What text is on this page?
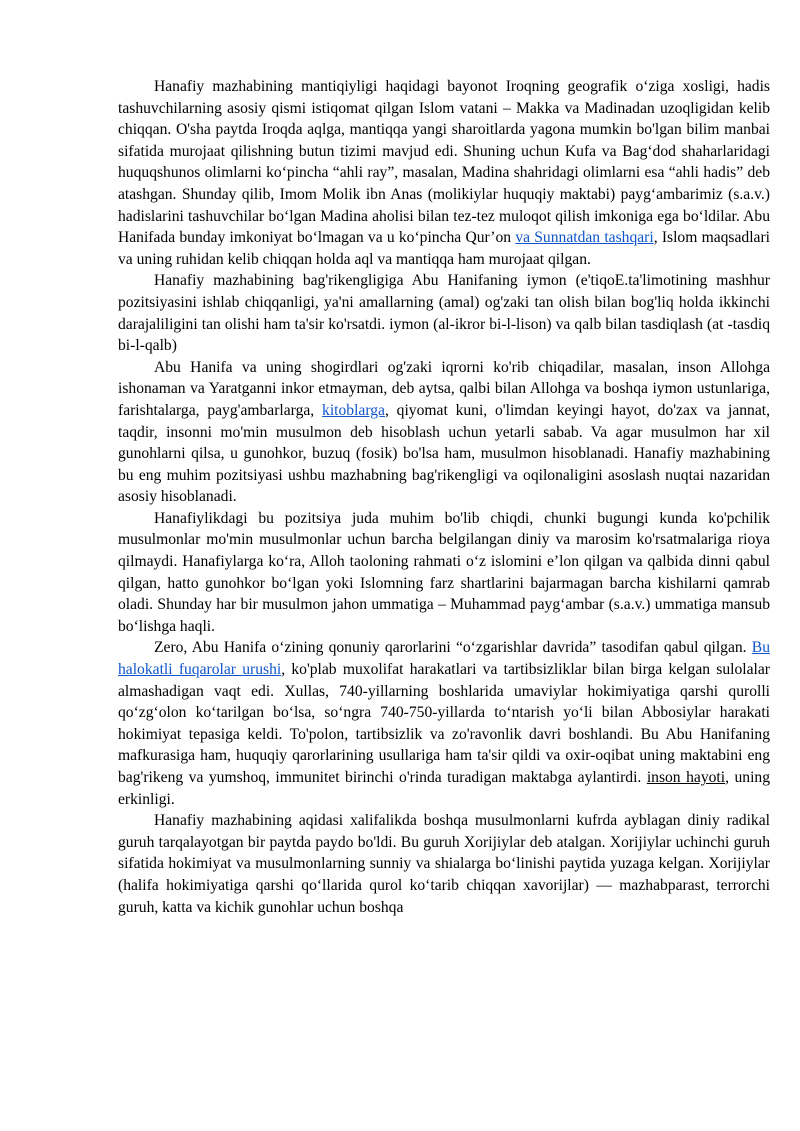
Hanafiy mazhabining mantiqiyligi haqidagi bayonot Iroqning geografik o‘ziga xosligi, hadis tashuvchilarning asosiy qismi istiqomat qilgan Islom vatani – Makka va Madinadan uzoqligidan kelib chiqqan. O'sha paytda Iroqda aqlga, mantiqqa yangi sharoitlarda yagona mumkin bo'lgan bilim manbai sifatida murojaat qilishning butun tizimi mavjud edi. Shuning uchun Kufa va Bag‘dod shaharlaridagi huquqshunos olimlarni ko‘pincha “ahli ray”, masalan, Madina shahridagi olimlarni esa “ahli hadis” deb atashgan. Shunday qilib, Imom Molik ibn Anas (molikiylar huquqiy maktabi) payg‘ambarimiz (s.a.v.) hadislarini tashuvchilar bo‘lgan Madina aholisi bilan tez-tez muloqot qilish imkoniga ega bo‘ldilar. Abu Hanifada bunday imkoniyat bo‘lmagan va u ko‘pincha Qur’on va Sunnatdan tashqari, Islom maqsadlari va uning ruhidan kelib chiqqan holda aql va mantiqqa ham murojaat qilgan.

Hanafiy mazhabining bag'rikengligiga Abu Hanifaning iymon (e'tiqoE.ta'limotining mashhur pozitsiyasini ishlab chiqqanligi, ya'ni amallarning (amal) og'zaki tan olish bilan bog'liq holda ikkinchi darajaliligini tan olishi ham ta'sir ko'rsatdi. iymon (al-ikror bi-l-lison) va qalb bilan tasdiqlash (at -tasdiq bi-l-qalb)

Abu Hanifa va uning shogirdlari og'zaki iqrorni ko'rib chiqadilar, masalan, inson Allohga ishonaman va Yaratganni inkor etmayman, deb aytsa, qalbi bilan Allohga va boshqa iymon ustunlariga, farishtalarga, payg'ambarlarga, kitoblarga, qiyomat kuni, o'limdan keyingi hayot, do'zax va jannat, taqdir, insonni mo'min musulmon deb hisoblash uchun yetarli sabab. Va agar musulmon har xil gunohlarni qilsa, u gunohkor, buzuq (fosik) bo'lsa ham, musulmon hisoblanadi. Hanafiy mazhabining bu eng muhim pozitsiyasi ushbu mazhabning bag'rikengligi va oqilonaligini asoslash nuqtai nazaridan asosiy hisoblanadi.

Hanafiylikdagi bu pozitsiya juda muhim bo'lib chiqdi, chunki bugungi kunda ko'pchilik musulmonlar mo'min musulmonlar uchun barcha belgilangan diniy va marosim ko'rsatmalariga rioya qilmaydi. Hanafiylarga ko‘ra, Alloh taoloning rahmati o‘z islomini e’lon qilgan va qalbida dinni qabul qilgan, hatto gunohkor bo‘lgan yoki Islomning farz shartlarini bajarmagan barcha kishilarni qamrab oladi. Shunday har bir musulmon jahon ummatiga – Muhammad payg‘ambar (s.a.v.) ummatiga mansub bo‘lishga haqli.

Zero, Abu Hanifa o‘zining qonuniy qarorlarini “o‘zgarishlar davrida” tasodifan qabul qilgan. Bu halokatli fuqarolar urushi, ko'plab muxolifat harakatlari va tartibsizliklar bilan birga kelgan sulolalar almashadigan vaqt edi. Xullas, 740-yillarning boshlarida umaviylar hokimiyatiga qarshi qurolli qo‘zg‘olon ko‘tarilgan bo‘lsa, so‘ngra 740-750-yillarda to‘ntarish yo‘li bilan Abbosiylar harakati hokimiyat tepasiga keldi. To'polon, tartibsizlik va zo'ravonlik davri boshlandi. Bu Abu Hanifaning mafkurasiga ham, huquqiy qarorlarining usullariga ham ta'sir qildi va oxir-oqibat uning maktabini eng bag'rikeng va yumshoq, immunitet birinchi o'rinda turadigan maktabga aylantirdi. inson hayoti, uning erkinligi.

Hanafiy mazhabining aqidasi xalifalikda boshqa musulmonlarni kufrda ayblagan diniy radikal guruh tarqalayotgan bir paytda paydo bo'ldi. Bu guruh Xorijiylar deb atalgan. Xorijiylar uchinchi guruh sifatida hokimiyat va musulmonlarning sunniy va shialarga bo‘linishi paytida yuzaga kelgan. Xorijiylar (halifa hokimiyatiga qarshi qo‘llarida qurol ko‘tarib chiqqan xavorijlar) — mazhabparast, terrorchi guruh, katta va kichik gunohlar uchun boshqa
